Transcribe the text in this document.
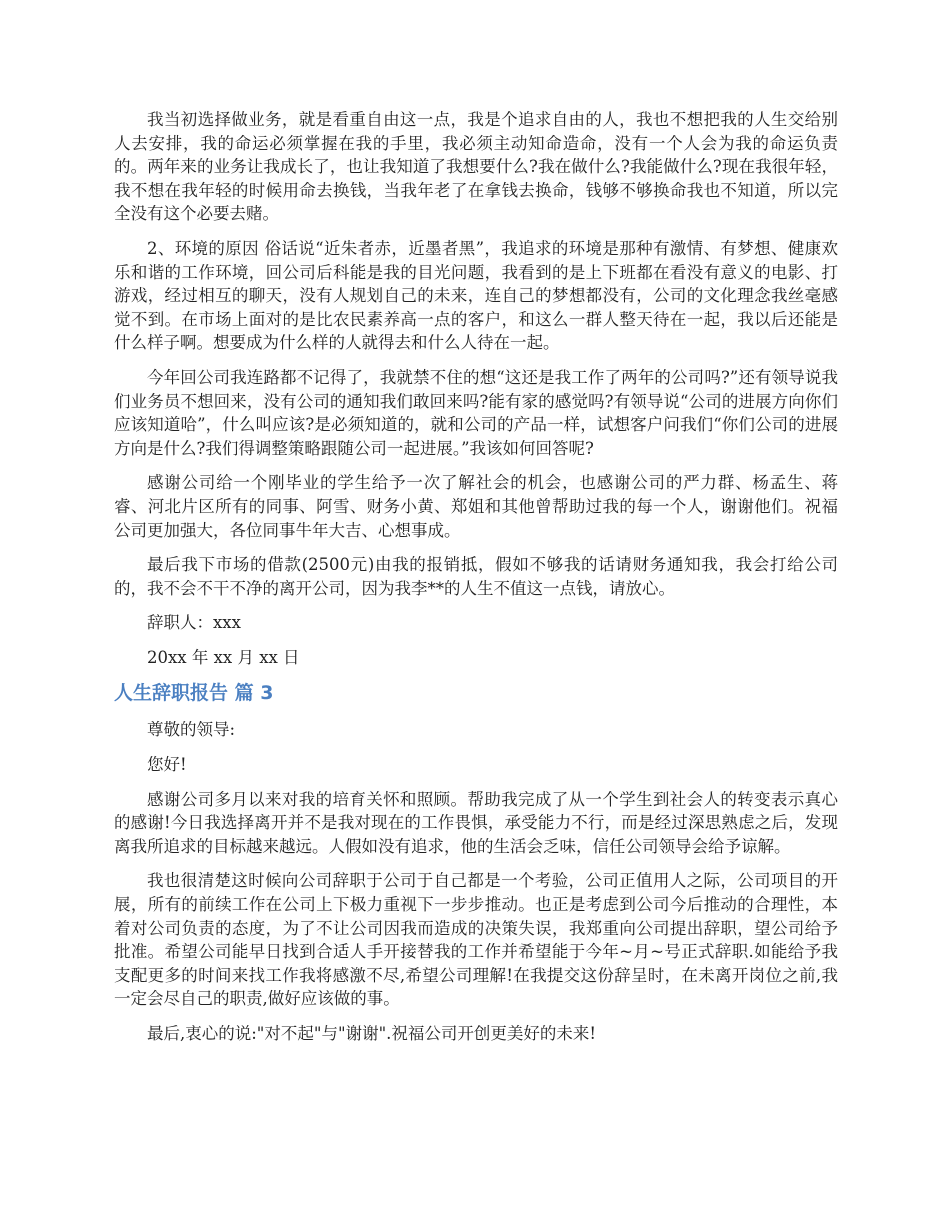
我当初选择做业务，就是看重自由这一点，我是个追求自由的人，我也不想把我的人生交给别人去安排，我的命运必须掌握在我的手里，我必须主动知命造命，没有一个人会为我的命运负责的。两年来的业务让我成长了，也让我知道了我想要什么?我在做什么?我能做什么?现在我很年轻，我不想在我年轻的时候用命去换钱，当我年老了在拿钱去换命，钱够不够换命我也不知道，所以完全没有这个必要去赌。

2、环境的原因 俗话说“近朱者赤，近墨者黑”，我追求的环境是那种有激情、有梦想、健康欢乐和谐的工作环境，回公司后科能是我的目光问题，我看到的是上下班都在看没有意义的电影、打游戏，经过相互的聊天，没有人规划自己的未来，连自己的梦想都没有，公司的文化理念我丝毫感觉不到。在市场上面对的是比农民素养高一点的客户，和这么一群人整天待在一起，我以后还能是什么样子啊。想要成为什么样的人就得去和什么人待在一起。

今年回公司我连路都不记得了，我就禁不住的想“这还是我工作了两年的公司吗?”还有领导说我们业务员不想回来，没有公司的通知我们敢回来吗?能有家的感觉吗?有领导说“公司的进展方向你们应该知道哈”，什么叫应该?是必须知道的，就和公司的产品一样，试想客户问我们“你们公司的进展方向是什么?我们得调整策略跟随公司一起进展。”我该如何回答呢?

感谢公司给一个刚毕业的学生给予一次了解社会的机会，也感谢公司的严力群、杨孟生、蒋睿、河北片区所有的同事、阿雪、财务小黄、郑姐和其他曾帮助过我的每一个人，谢谢他们。祝福公司更加强大，各位同事牛年大吉、心想事成。

最后我下市场的借款(2500元)由我的报销抵，假如不够我的话请财务通知我，我会打给公司的，我不会不干不净的离开公司，因为我李**的人生不值这一点钱，请放心。

辞职人：xxx

20xx 年 xx 月 xx 日

人生辞职报告 篇 3

尊敬的领导:

您好!

感谢公司多月以来对我的培育关怀和照顾。帮助我完成了从一个学生到社会人的转变表示真心的感谢!今日我选择离开并不是我对现在的工作畏惧，承受能力不行，而是经过深思熟虑之后，发现离我所追求的目标越来越远。人假如没有追求，他的生活会乏味，信任公司领导会给予谅解。

我也很清楚这时候向公司辞职于公司于自己都是一个考验，公司正值用人之际，公司项目的开展，所有的前续工作在公司上下极力重视下一步步推动。也正是考虑到公司今后推动的合理性，本着对公司负责的态度，为了不让公司因我而造成的决策失误，我郑重向公司提出辞职，望公司给予批准。希望公司能早日找到合适人手开接替我的工作并希望能于今年~月~号正式辞职.如能给予我支配更多的时间来找工作我将感激不尽,希望公司理解!在我提交这份辞呈时，在未离开岗位之前,我一定会尽自己的职责,做好应该做的事。

最后,衷心的说:"对不起"与"谢谢".祝福公司开创更美好的未来!
